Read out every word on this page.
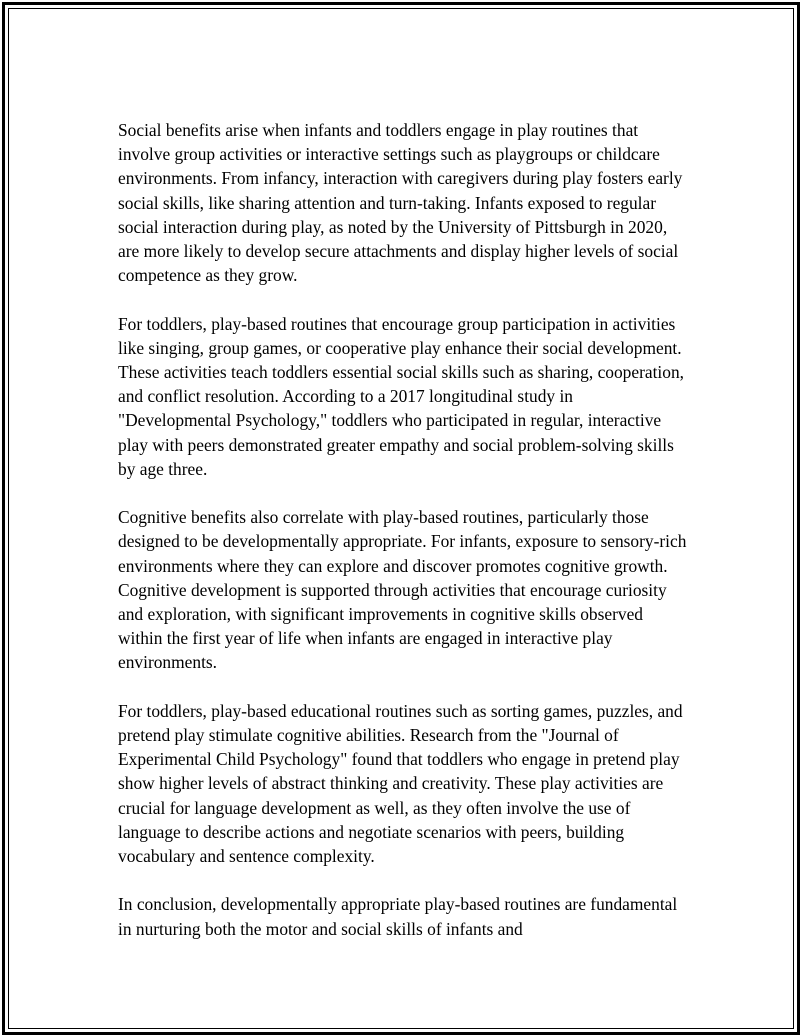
Social benefits arise when infants and toddlers engage in play routines that involve group activities or interactive settings such as playgroups or childcare environments. From infancy, interaction with caregivers during play fosters early social skills, like sharing attention and turn-taking. Infants exposed to regular social interaction during play, as noted by the University of Pittsburgh in 2020, are more likely to develop secure attachments and display higher levels of social competence as they grow.

For toddlers, play-based routines that encourage group participation in activities like singing, group games, or cooperative play enhance their social development. These activities teach toddlers essential social skills such as sharing, cooperation, and conflict resolution. According to a 2017 longitudinal study in "Developmental Psychology," toddlers who participated in regular, interactive play with peers demonstrated greater empathy and social problem-solving skills by age three.

Cognitive benefits also correlate with play-based routines, particularly those designed to be developmentally appropriate. For infants, exposure to sensory-rich environments where they can explore and discover promotes cognitive growth. Cognitive development is supported through activities that encourage curiosity and exploration, with significant improvements in cognitive skills observed within the first year of life when infants are engaged in interactive play environments.

For toddlers, play-based educational routines such as sorting games, puzzles, and pretend play stimulate cognitive abilities. Research from the "Journal of Experimental Child Psychology" found that toddlers who engage in pretend play show higher levels of abstract thinking and creativity. These play activities are crucial for language development as well, as they often involve the use of language to describe actions and negotiate scenarios with peers, building vocabulary and sentence complexity.

In conclusion, developmentally appropriate play-based routines are fundamental in nurturing both the motor and social skills of infants and
